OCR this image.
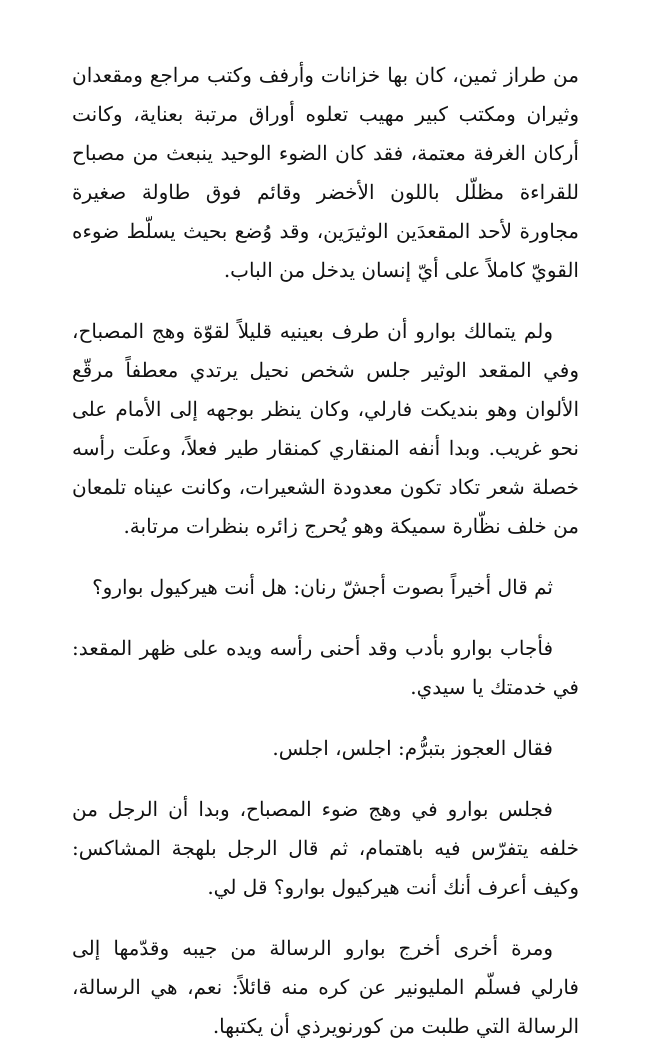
من طراز ثمين، كان بها خزانات وأرفف وكتب مراجع ومقعدان وثيران ومكتب كبير مهيب تعلوه أوراق مرتبة بعناية، وكانت أركان الغرفة معتمة، فقد كان الضوء الوحيد ينبعث من مصباح للقراءة مظلّل باللون الأخضر وقائم فوق طاولة صغيرة مجاورة لأحد المقعدَين الوثيرَين، وقد وُضع بحيث يسلّط ضوءه القويّ كاملاً على أيّ إنسان يدخل من الباب.

ولم يتمالك بوارو أن طرف بعينيه قليلاً لقوّة وهج المصباح، وفي المقعد الوثير جلس شخص نحيل يرتدي معطفاً مرقّع الألوان وهو بنديكت فارلي، وكان ينظر بوجهه إلى الأمام على نحو غريب. وبدا أنفه المنقاري كمنقار طير فعلاً، وعلَت رأسه خصلة شعر تكاد تكون معدودة الشعيرات، وكانت عيناه تلمعان من خلف نظّارة سميكة وهو يُحرج زائره بنظرات مرتابة.

ثم قال أخيراً بصوت أجشّ رنان: هل أنت هيركيول بوارو؟

فأجاب بوارو بأدب وقد أحنى رأسه ويده على ظهر المقعد: في خدمتك يا سيدي.

فقال العجوز بتبرُّم: اجلس، اجلس.

فجلس بوارو في وهج ضوء المصباح، وبدا أن الرجل من خلفه يتفرّس فيه باهتمام، ثم قال الرجل بلهجة المشاكس: وكيف أعرف أنك أنت هيركيول بوارو؟ قل لي.

ومرة أخرى أخرج بوارو الرسالة من جيبه وقدّمها إلى فارلي فسلّم المليونير عن كره منه قائلاً: نعم، هي الرسالة، الرسالة التي طلبت من كورنويرذي أن يكتبها.
